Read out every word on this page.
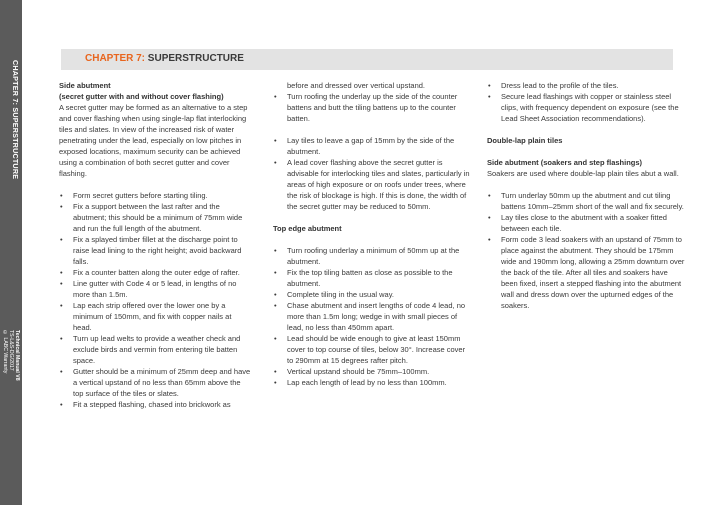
CHAPTER 7: SUPERSTRUCTURE
Technical Manual V8
TS-L&S-DG/2017
© LABC Warranty
CHAPTER 7: SUPERSTRUCTURE

Side abutment

(secret gutter with and without cover flashing)

A secret gutter may be formed as an alternative to a step and cover flashing when using single-lap flat interlocking tiles and slates. In view of the increased risk of water penetrating under the lead, especially on low pitches in exposed locations, maximum security can be achieved using a combination of both secret gutter and cover flashing.

• Form secret gutters before starting tiling.
• Fix a support between the last rafter and the abutment; this should be a minimum of 75mm wide and run the full length of the abutment.
• Fix a splayed timber fillet at the discharge point to raise lead lining to the right height; avoid backward falls.
• Fix a counter batten along the outer edge of rafter.
• Line gutter with Code 4 or 5 lead, in lengths of no more than 1.5m.
• Lap each strip offered over the lower one by a minimum of 150mm, and fix with copper nails at head.
• Turn up lead welts to provide a weather check and exclude birds and vermin from entering tile batten space.
• Gutter should be a minimum of 25mm deep and have a vertical upstand of no less than 65mm above the top surface of the tiles or slates.
• Fit a stepped flashing, chased into brickwork as
before and dressed over vertical upstand.
• Turn roofing the underlay up the side of the counter battens and butt the tiling battens up to the counter batten.
• Lay tiles to leave a gap of 15mm by the side of the abutment.
• A lead cover flashing above the secret gutter is advisable for interlocking tiles and slates, particularly in areas of high exposure or on roofs under trees, where the risk of blockage is high. If this is done, the width of the secret gutter may be reduced to 50mm.

Top edge abutment

• Turn roofing underlay a minimum of 50mm up at the abutment.
• Fix the top tiling batten as close as possible to the abutment.
• Complete tiling in the usual way.
• Chase abutment and insert lengths of code 4 lead, no more than 1.5m long; wedge in with small pieces of lead, no less than 450mm apart.
• Lead should be wide enough to give at least 150mm cover to top course of tiles, below 30°. Increase cover to 290mm at 15 degrees rafter pitch.
• Vertical upstand should be 75mm–100mm.
• Lap each length of lead by no less than 100mm.
• Dress lead to the profile of the tiles.
• Secure lead flashings with copper or stainless steel clips, with frequency dependent on exposure (see the Lead Sheet Association recommendations).

Double-lap plain tiles

Side abutment (soakers and step flashings)

Soakers are used where double-lap plain tiles abut a wall.

• Turn underlay 50mm up the abutment and cut tiling battens 10mm–25mm short of the wall and fix securely.
• Lay tiles close to the abutment with a soaker fitted between each tile.
• Form code 3 lead soakers with an upstand of 75mm to place against the abutment. They should be 175mm wide and 190mm long, allowing a 25mm downturn over the back of the tile. After all tiles and soakers have been fixed, insert a stepped flashing into the abutment wall and dress down over the upturned edges of the soakers.
